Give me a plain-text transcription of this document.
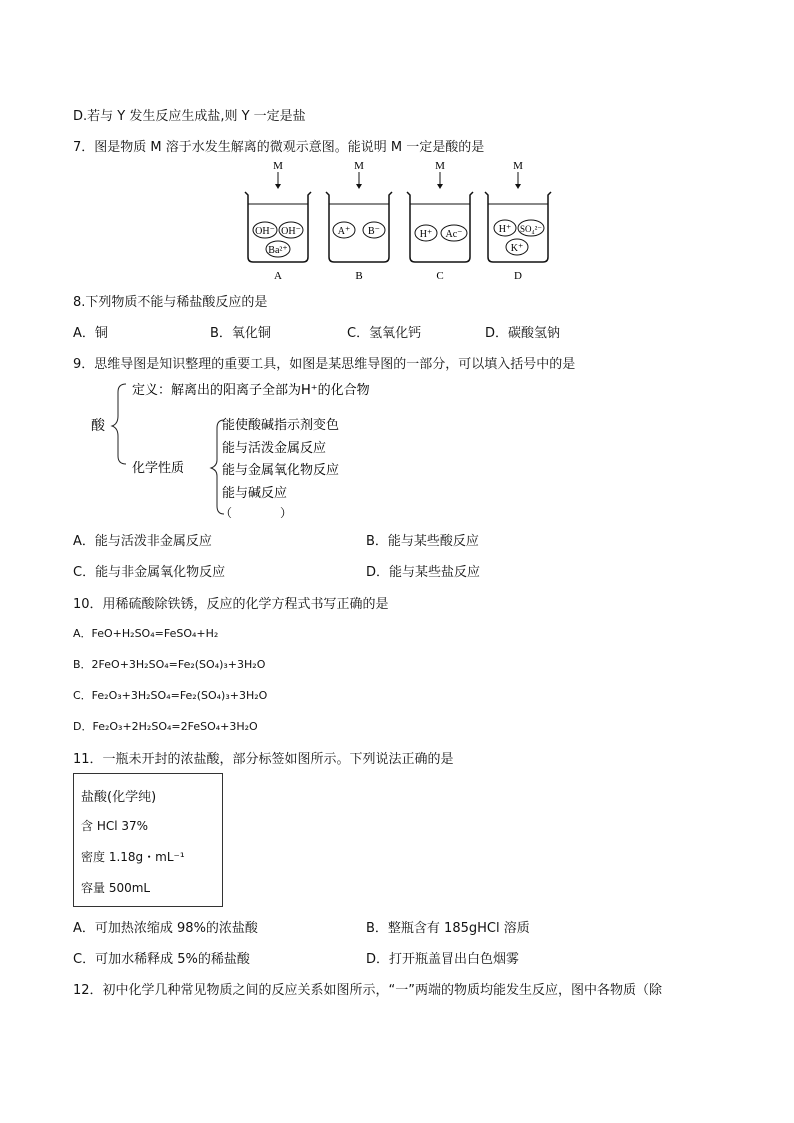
D.若与 Y 发生反应生成盐,则 Y 一定是盐
7．图是物质 M 溶于水发生解离的微观示意图。能说明 M 一定是酸的是
M
OH⁻ OH⁻
Ba²⁺
A
M
A⁺ B⁻
B
M
H⁺ Ac⁻
C
M
H⁺ SO₄²⁻
K⁺
D
8.下列物质不能与稀盐酸反应的是
A．铜	B．氧化铜	C．氢氧化钙	D．碳酸氢钠
9．思维导图是知识整理的重要工具，如图是某思维导图的一部分，可以填入括号中的是
酸
定义：解离出的阳离子全部为H⁺的化合物
化学性质
能使酸碱指示剂变色
能与活泼金属反应
能与金属氧化物反应
能与碱反应
（　　　　）
A．能与活泼非金属反应	B．能与某些酸反应
C．能与非金属氧化物反应	D．能与某些盐反应
10．用稀硫酸除铁锈，反应的化学方程式书写正确的是
A．FeO+H₂SO₄=FeSO₄+H₂
B．2FeO+3H₂SO₄=Fe₂(SO₄)₃+3H₂O
C．Fe₂O₃+3H₂SO₄=Fe₂(SO₄)₃+3H₂O
D．Fe₂O₃+2H₂SO₄=2FeSO₄+3H₂O
11．一瓶未开封的浓盐酸，部分标签如图所示。下列说法正确的是
盐酸(化学纯)
含 HCl 37%
密度 1.18g・mL⁻¹
容量 500mL
A．可加热浓缩成 98%的浓盐酸	B．整瓶含有 185gHCl 溶质
C．可加水稀释成 5%的稀盐酸	D．打开瓶盖冒出白色烟雾
12．初中化学几种常见物质之间的反应关系如图所示，“一”两端的物质均能发生反应，图中各物质（除
